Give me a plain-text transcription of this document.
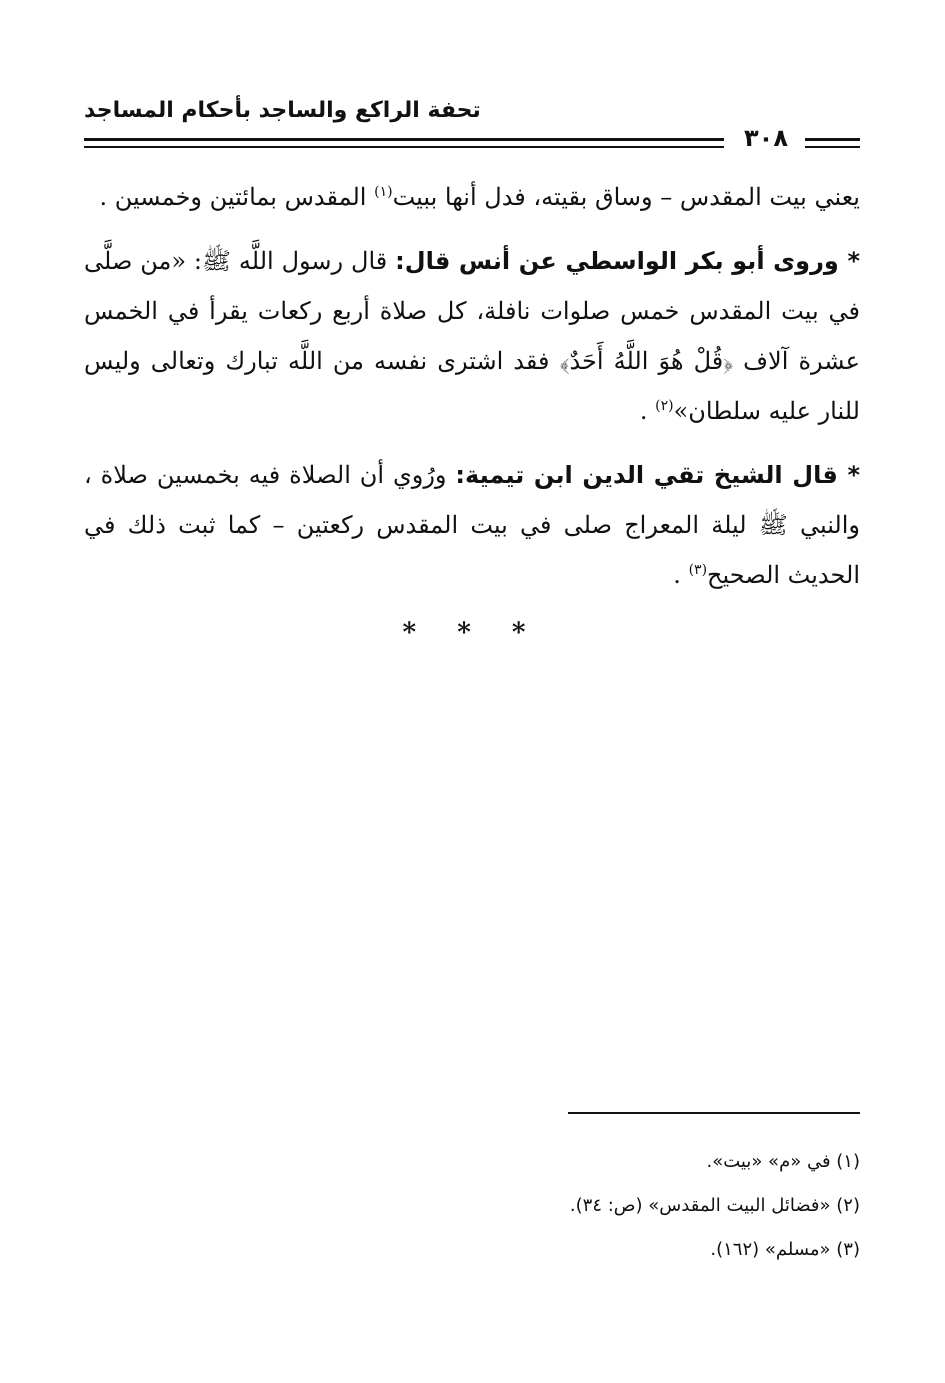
تحفة الراكع والساجد بأحكام المساجد
٣٠٨

يعني بيت المقدس – وساق بقيته، فدل أنها ببيت$^{(١)}$ المقدس بمائتين وخمسين .

* وروى أبو بكر الواسطي عن أنس قال: قال رسول اللَّه ﷺ: «من صلَّى في بيت المقدس خمس صلوات نافلة، كل صلاة أربع ركعات يقرأ في الخمس عشرة آلاف ﴿قُلْ هُوَ اللَّهُ أَحَدٌ﴾ فقد اشترى نفسه من اللَّه تبارك وتعالى وليس للنار عليه سلطان»$^{(٢)}$ .

* قال الشيخ تقي الدين ابن تيمية: ورُوي أن الصلاة فيه بخمسين صلاة ، والنبي ﷺ ليلة المعراج صلى في بيت المقدس ركعتين – كما ثبت ذلك في الحديث الصحيح$^{(٣)}$ .

* * *
(١) في «م» «بيت».
(٢) «فضائل البيت المقدس» (ص: ٣٤).
(٣) «مسلم» (١٦٢).
